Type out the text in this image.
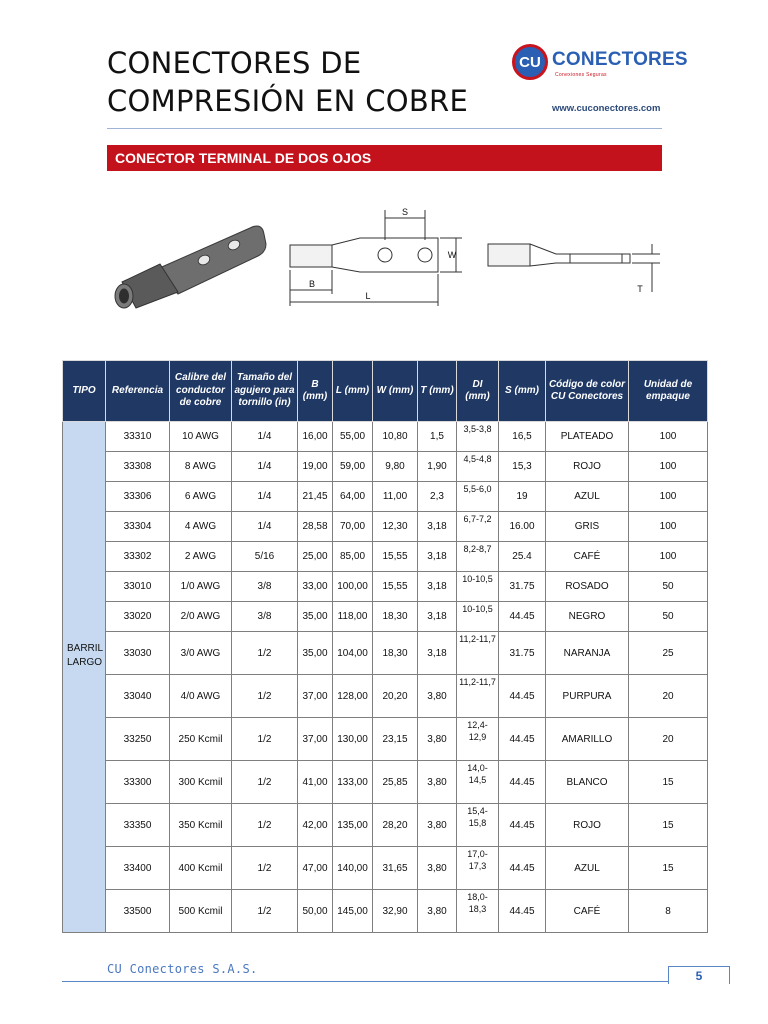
CONECTORES DE
COMPRESIÓN EN COBRE
CU CONECTORES
Conexiones Seguras
www.cuconectores.com
CONECTOR TERMINAL DE DOS OJOS
S
W
B
L
T
TIPO	Referencia	Calibre del conductor de cobre	Tamaño del agujero para tornillo (in)	B (mm)	L (mm)	W (mm)	T (mm)	DI (mm)	S (mm)	Código de color CU Conectores	Unidad de empaque

BARRIL
LARGO	33310	10 AWG	1/4	16,00	55,00	10,80	1,5	3,5-3,8	16,5	PLATEADO	100
	33308	8 AWG	1/4	19,00	59,00	9,80	1,90	4,5-4,8	15,3	ROJO	100
	33306	6 AWG	1/4	21,45	64,00	11,00	2,3	5,5-6,0	19	AZUL	100
	33304	4 AWG	1/4	28,58	70,00	12,30	3,18	6,7-7,2	16.00	GRIS	100
	33302	2 AWG	5/16	25,00	85,00	15,55	3,18	8,2-8,7	25.4	CAFÉ	100
	33010	1/0 AWG	3/8	33,00	100,00	15,55	3,18	10-10,5	31.75	ROSADO	50
	33020	2/0 AWG	3/8	35,00	118,00	18,30	3,18	10-10,5	44.45	NEGRO	50
	33030	3/0 AWG	1/2	35,00	104,00	18,30	3,18	11,2-11,7	31.75	NARANJA	25
	33040	4/0 AWG	1/2	37,00	128,00	20,20	3,80	11,2-11,7	44.45	PURPURA	20
	33250	250 Kcmil	1/2	37,00	130,00	23,15	3,80	12,4-12,9	44.45	AMARILLO	20
	33300	300 Kcmil	1/2	41,00	133,00	25,85	3,80	14,0-14,5	44.45	BLANCO	15
	33350	350 Kcmil	1/2	42,00	135,00	28,20	3,80	15,4-15,8	44.45	ROJO	15
	33400	400 Kcmil	1/2	47,00	140,00	31,65	3,80	17,0-17,3	44.45	AZUL	15
	33500	500 Kcmil	1/2	50,00	145,00	32,90	3,80	18,0-18,3	44.45	CAFÉ	8
CU Conectores S.A.S.	5
